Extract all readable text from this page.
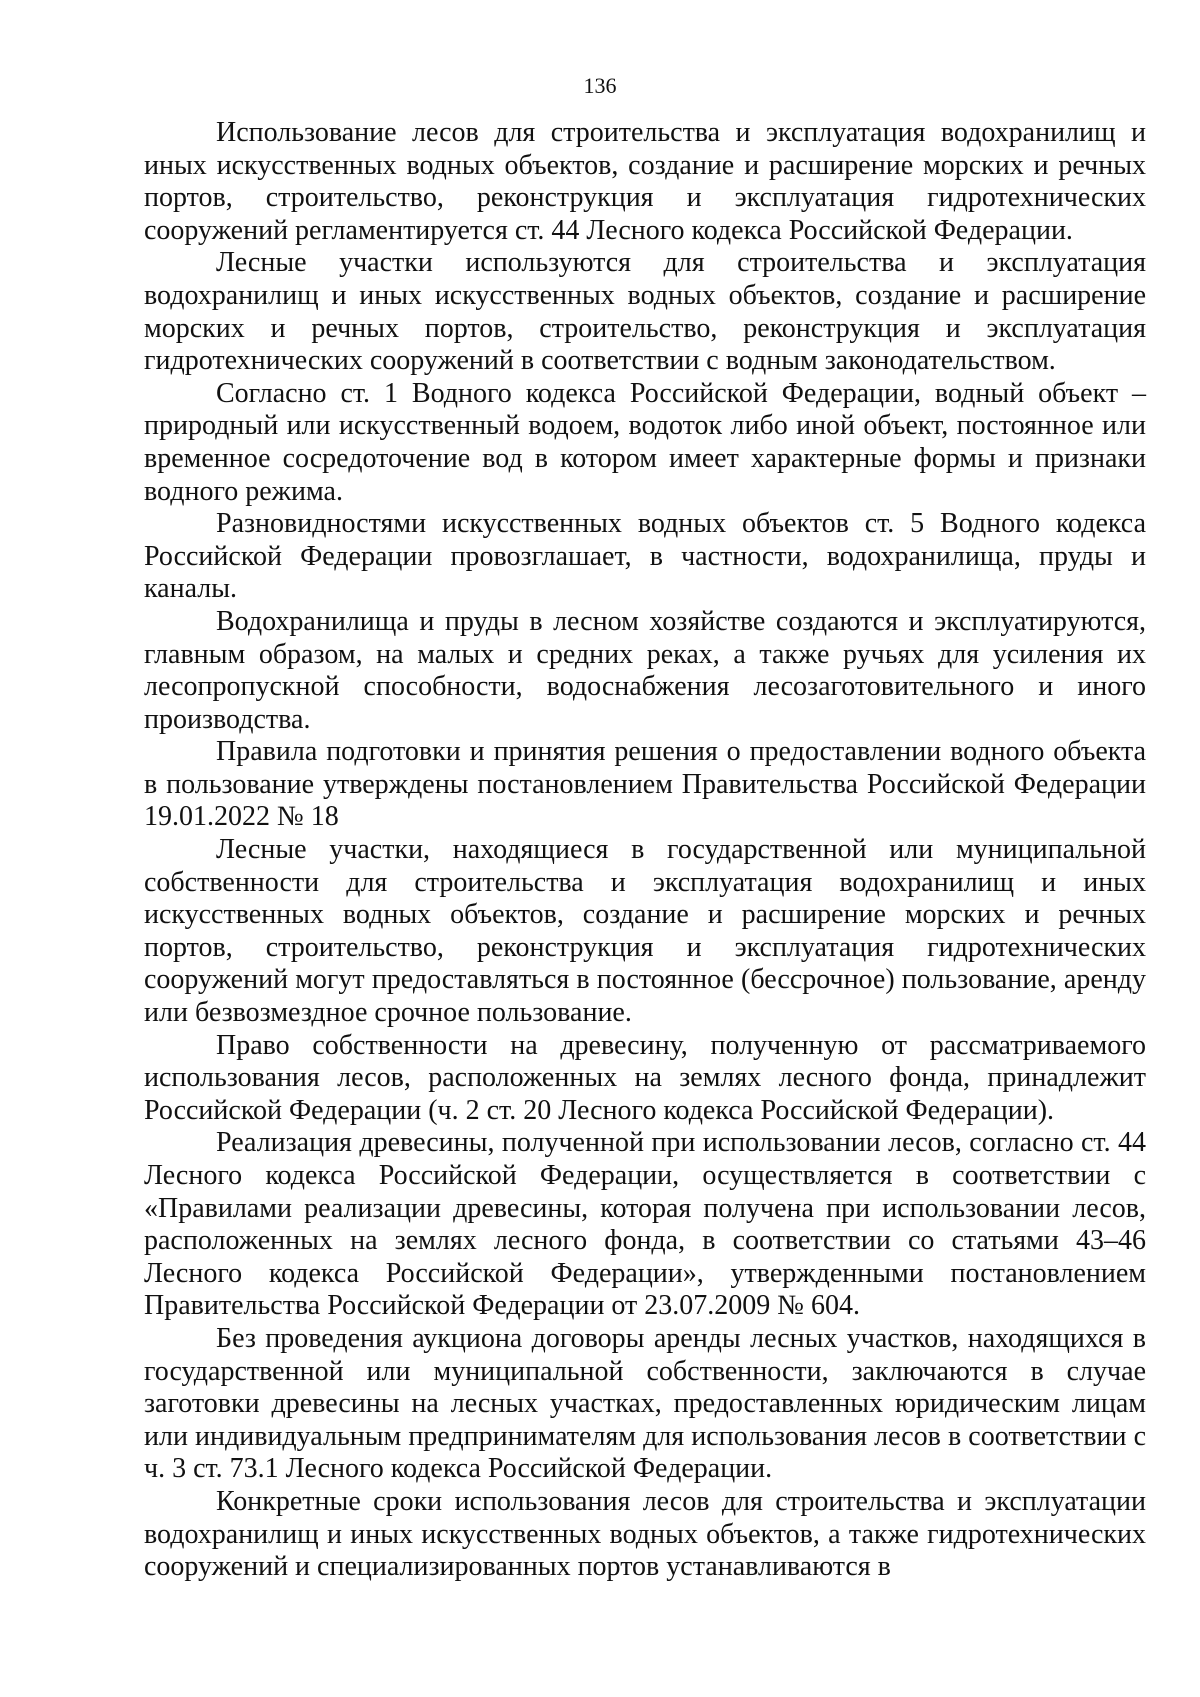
136

Использование лесов для строительства и эксплуатация водохранилищ и иных искусственных водных объектов, создание и расширение морских и речных портов, строительство, реконструкция и эксплуатация гидротехнических сооружений регламентируется ст. 44 Лесного кодекса Российской Федерации.

Лесные участки используются для строительства и эксплуатация водохранилищ и иных искусственных водных объектов, создание и расширение морских и речных портов, строительство, реконструкция и эксплуатация гидротехнических сооружений в соответствии с водным законодательством.

Согласно ст. 1 Водного кодекса Российской Федерации, водный объект – природный или искусственный водоем, водоток либо иной объект, постоянное или временное сосредоточение вод в котором имеет характерные формы и признаки водного режима.

Разновидностями искусственных водных объектов ст. 5 Водного кодекса Российской Федерации провозглашает, в частности, водохранилища, пруды и каналы.

Водохранилища и пруды в лесном хозяйстве создаются и эксплуатируются, главным образом, на малых и средних реках, а также ручьях для усиления их лесопропускной способности, водоснабжения лесозаготовительного и иного производства.

Правила подготовки и принятия решения о предоставлении водного объекта в пользование утверждены постановлением Правительства Российской Федерации 19.01.2022 № 18

Лесные участки, находящиеся в государственной или муниципальной собственности для строительства и эксплуатация водохранилищ и иных искусственных водных объектов, создание и расширение морских и речных портов, строительство, реконструкция и эксплуатация гидротехнических сооружений могут предоставляться в постоянное (бессрочное) пользование, аренду или безвозмездное срочное пользование.

Право собственности на древесину, полученную от рассматриваемого использования лесов, расположенных на землях лесного фонда, принадлежит Российской Федерации (ч. 2 ст. 20 Лесного кодекса Российской Федерации).

Реализация древесины, полученной при использовании лесов, согласно ст. 44 Лесного кодекса Российской Федерации, осуществляется в соответствии с «Правилами реализации древесины, которая получена при использовании лесов, расположенных на землях лесного фонда, в соответствии со статьями 43–46 Лесного кодекса Российской Федерации», утвержденными постановлением Правительства Российской Федерации от 23.07.2009 № 604.

Без проведения аукциона договоры аренды лесных участков, находящихся в государственной или муниципальной собственности, заключаются в случае заготовки древесины на лесных участках, предоставленных юридическим лицам или индивидуальным предпринимателям для использования лесов в соответствии с ч. 3 ст. 73.1 Лесного кодекса Российской Федерации.

Конкретные сроки использования лесов для строительства и эксплуатации водохранилищ и иных искусственных водных объектов, а также гидротехнических сооружений и специализированных портов устанавливаются в
